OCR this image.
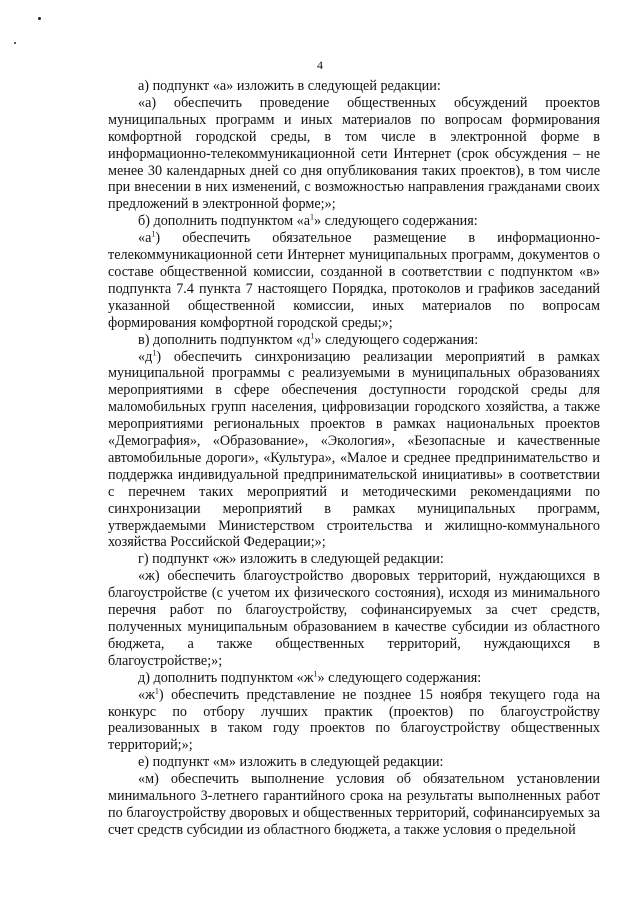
4

а) подпункт «а» изложить в следующей редакции:

«а) обеспечить проведение общественных обсуждений проектов муниципальных программ и иных материалов по вопросам формирования комфортной городской среды, в том числе в электронной форме в информационно-телекоммуникационной сети Интернет (срок обсуждения – не менее 30 календарных дней со дня опубликования таких проектов), в том числе при внесении в них изменений, с возможностью направления гражданами своих предложений в электронной форме;»;

б) дополнить подпунктом «$а^1$» следующего содержания:

«$а^1$) обеспечить обязательное размещение в информационно-телекоммуникационной сети Интернет муниципальных программ, документов о составе общественной комиссии, созданной в соответствии с подпунктом «в» подпункта 7.4 пункта 7 настоящего Порядка, протоколов и графиков заседаний указанной общественной комиссии, иных материалов по вопросам формирования комфортной городской среды;»;

в) дополнить подпунктом «$д^1$» следующего содержания:

«$д^1$) обеспечить синхронизацию реализации мероприятий в рамках муниципальной программы с реализуемыми в муниципальных образованиях мероприятиями в сфере обеспечения доступности городской среды для маломобильных групп населения, цифровизации городского хозяйства, а также мероприятиями региональных проектов в рамках национальных проектов «Демография», «Образование», «Экология», «Безопасные и качественные автомобильные дороги», «Культура», «Малое и среднее предпринимательство и поддержка индивидуальной предпринимательской инициативы» в соответствии с перечнем таких мероприятий и методическими рекомендациями по синхронизации мероприятий в рамках муниципальных программ, утверждаемыми Министерством строительства и жилищно-коммунального хозяйства Российской Федерации;»;

г) подпункт «ж» изложить в следующей редакции:

«ж) обеспечить благоустройство дворовых территорий, нуждающихся в благоустройстве (с учетом их физического состояния), исходя из минимального перечня работ по благоустройству, софинансируемых за счет средств, полученных муниципальным образованием в качестве субсидии из областного бюджета, а также общественных территорий, нуждающихся в благоустройстве;»;

д) дополнить подпунктом «$ж^1$» следующего содержания:

«$ж^1$) обеспечить представление не позднее 15 ноября текущего года на конкурс по отбору лучших практик (проектов) по благоустройству реализованных в таком году проектов по благоустройству общественных территорий;»;

е) подпункт «м» изложить в следующей редакции:

«м) обеспечить выполнение условия об обязательном установлении минимального 3-летнего гарантийного срока на результаты выполненных работ по благоустройству дворовых и общественных территорий, софинансируемых за счет средств субсидии из областного бюджета, а также условия о предельной
